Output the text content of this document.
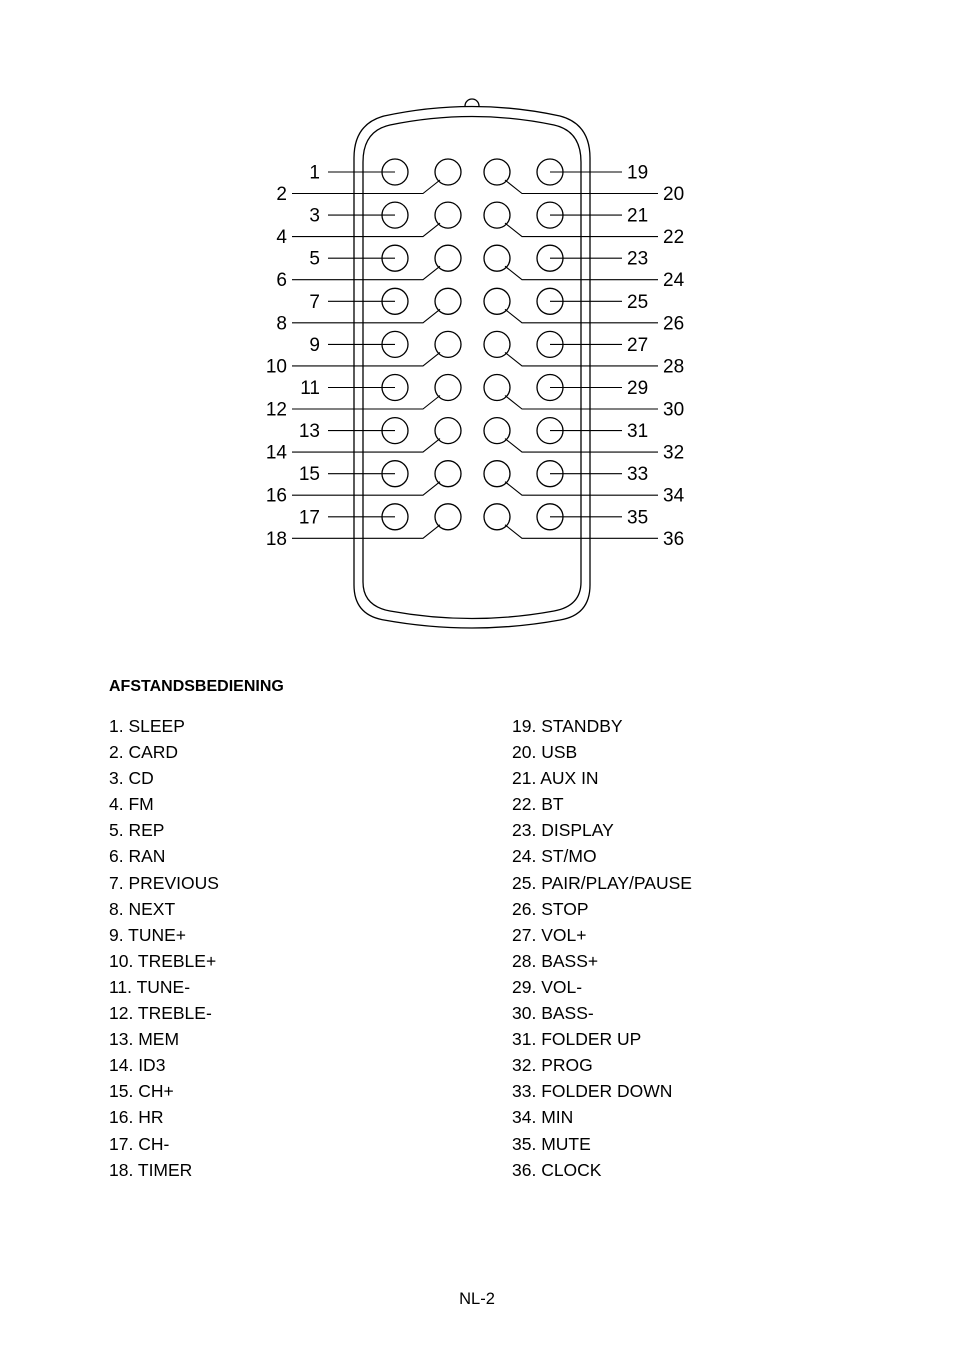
1
2
19
20
3
4
21
22
5
6
23
24
7
8
25
26
9
10
27
28
11
12
29
30
13
14
31
32
15
16
33
34
17
18
35
36
AFSTANDSBEDIENING
1. SLEEP
2. CARD
3. CD
4. FM
5. REP
6. RAN
7. PREVIOUS
8. NEXT
9. TUNE+
10. TREBLE+
11. TUNE-
12. TREBLE-
13. MEM
14. ID3
15. CH+
16. HR
17. CH-
18. TIMER
19. STANDBY
20. USB
21. AUX IN
22. BT
23. DISPLAY
24. ST/MO
25. PAIR/PLAY/PAUSE
26. STOP
27. VOL+
28. BASS+
29. VOL-
30. BASS-
31. FOLDER UP
32. PROG
33. FOLDER DOWN
34. MIN
35. MUTE
36. CLOCK
NL-2
